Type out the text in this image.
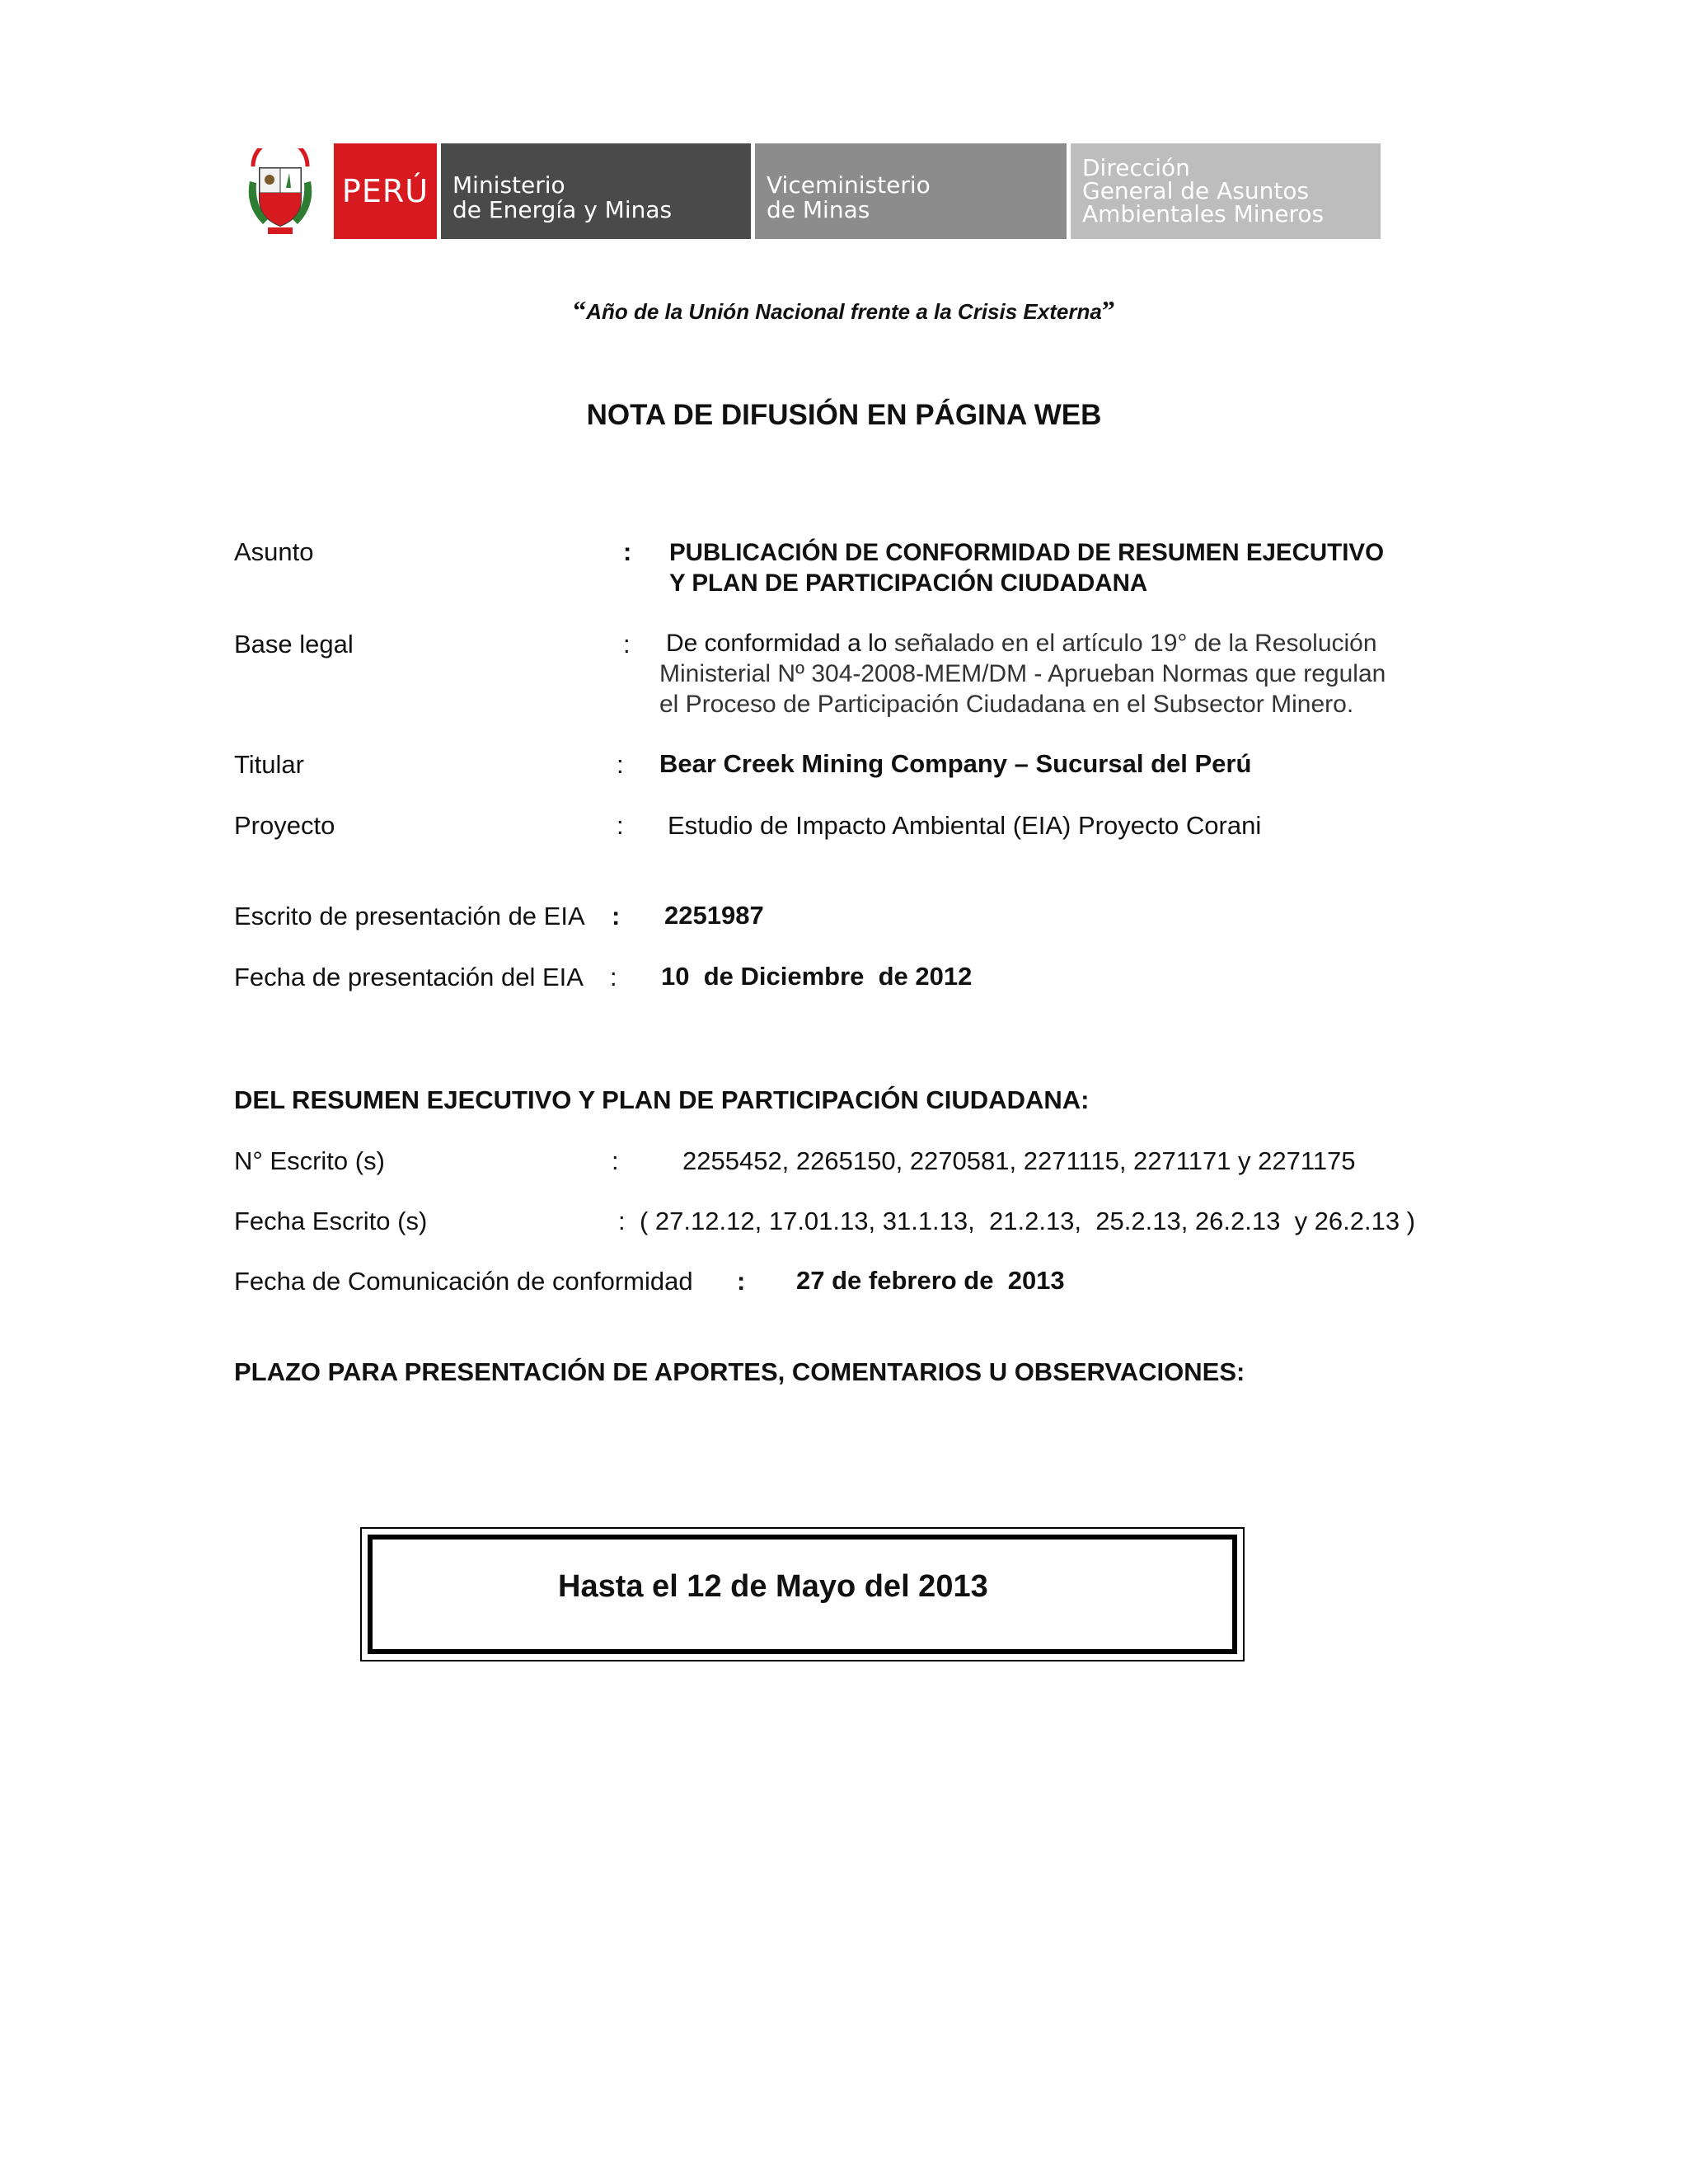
PERÚ Ministerio
de Energía y Minas
Viceministerio
de Minas
Dirección
General de Asuntos
Ambientales Mineros
“Año de la Unión Nacional frente a la Crisis Externa”
NOTA DE DIFUSIÓN EN PÁGINA WEB
Asunto	: PUBLICACIÓN DE CONFORMIDAD DE RESUMEN EJECUTIVO
Y PLAN DE PARTICIPACIÓN CIUDADANA
Base legal	: De conformidad a lo señalado en el artículo 19° de la Resolución
Ministerial Nº 304-2008-MEM/DM - Aprueban Normas que regulan
el Proceso de Participación Ciudadana en el Subsector Minero.
Titular	: Bear Creek Mining Company – Sucursal del Perú
Proyecto	: Estudio de Impacto Ambiental (EIA) Proyecto Corani
Escrito de presentación de EIA : 2251987
Fecha de presentación del EIA : 10  de Diciembre  de 2012
DEL RESUMEN EJECUTIVO Y PLAN DE PARTICIPACIÓN CIUDADANA:
N° Escrito (s)	: 2255452, 2265150, 2270581, 2271115, 2271171 y 2271175
Fecha Escrito (s)	: ( 27.12.12, 17.01.13, 31.1.13,  21.2.13,  25.2.13, 26.2.13  y 26.2.13 )
Fecha de Comunicación de conformidad : 27 de febrero de  2013
PLAZO PARA PRESENTACIÓN DE APORTES, COMENTARIOS U OBSERVACIONES:
Hasta el 12 de Mayo del 2013
